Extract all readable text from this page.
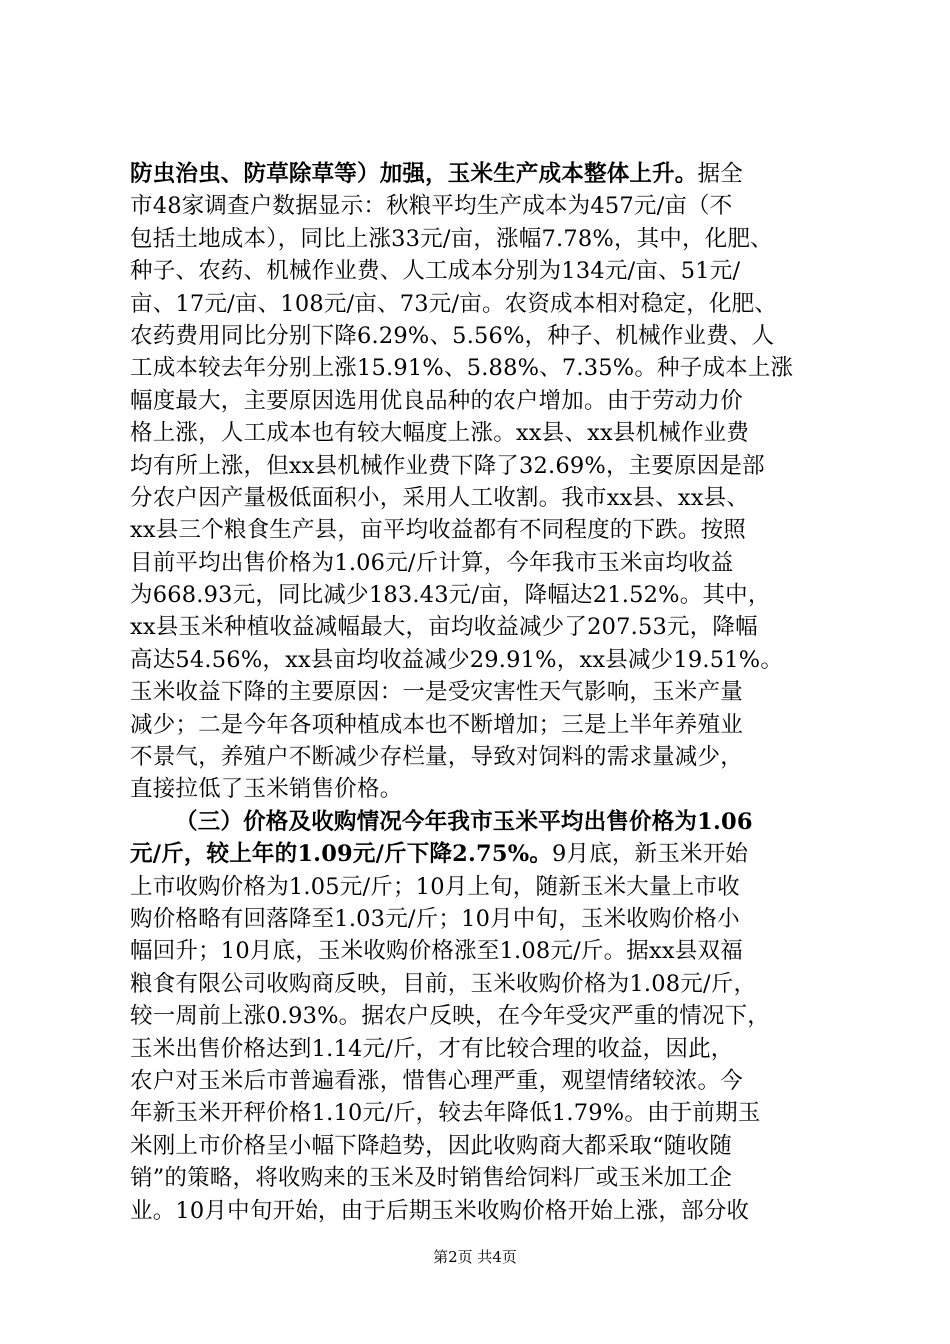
防虫治虫、防草除草等）加强，玉米生产成本整体上升。据全
市48家调查户数据显示：秋粮平均生产成本为457元/亩（不
包括土地成本），同比上涨33元/亩，涨幅7.78%，其中，化肥、
种子、农药、机械作业费、人工成本分别为134元/亩、51元/
亩、17元/亩、108元/亩、73元/亩。农资成本相对稳定，化肥、
农药费用同比分别下降6.29%、5.56%，种子、机械作业费、人
工成本较去年分别上涨15.91%、5.88%、7.35%。种子成本上涨
幅度最大，主要原因选用优良品种的农户增加。由于劳动力价
格上涨，人工成本也有较大幅度上涨。xx县、xx县机械作业费
均有所上涨，但xx县机械作业费下降了32.69%，主要原因是部
分农户因产量极低面积小，采用人工收割。我市xx县、xx县、
xx县三个粮食生产县，亩平均收益都有不同程度的下跌。按照
目前平均出售价格为1.06元/斤计算，今年我市玉米亩均收益
为668.93元，同比减少183.43元/亩，降幅达21.52%。其中，
xx县玉米种植收益减幅最大，亩均收益减少了207.53元，降幅
高达54.56%，xx县亩均收益减少29.91%，xx县减少19.51%。
玉米收益下降的主要原因：一是受灾害性天气影响，玉米产量
减少；二是今年各项种植成本也不断增加；三是上半年养殖业
不景气，养殖户不断减少存栏量，导致对饲料的需求量减少，
直接拉低了玉米销售价格。
（三）价格及收购情况今年我市玉米平均出售价格为1.06
元/斤，较上年的1.09元/斤下降2.75%。9月底，新玉米开始
上市收购价格为1.05元/斤；10月上旬，随新玉米大量上市收
购价格略有回落降至1.03元/斤；10月中旬，玉米收购价格小
幅回升；10月底，玉米收购价格涨至1.08元/斤。据xx县双福
粮食有限公司收购商反映，目前，玉米收购价格为1.08元/斤，
较一周前上涨0.93%。据农户反映，在今年受灾严重的情况下，
玉米出售价格达到1.14元/斤，才有比较合理的收益，因此，
农户对玉米后市普遍看涨，惜售心理严重，观望情绪较浓。今
年新玉米开秤价格1.10元/斤，较去年降低1.79%。由于前期玉
米刚上市价格呈小幅下降趋势，因此收购商大都采取“随收随
销”的策略，将收购来的玉米及时销售给饲料厂或玉米加工企
业。10月中旬开始，由于后期玉米收购价格开始上涨，部分收
第2页 共4页
